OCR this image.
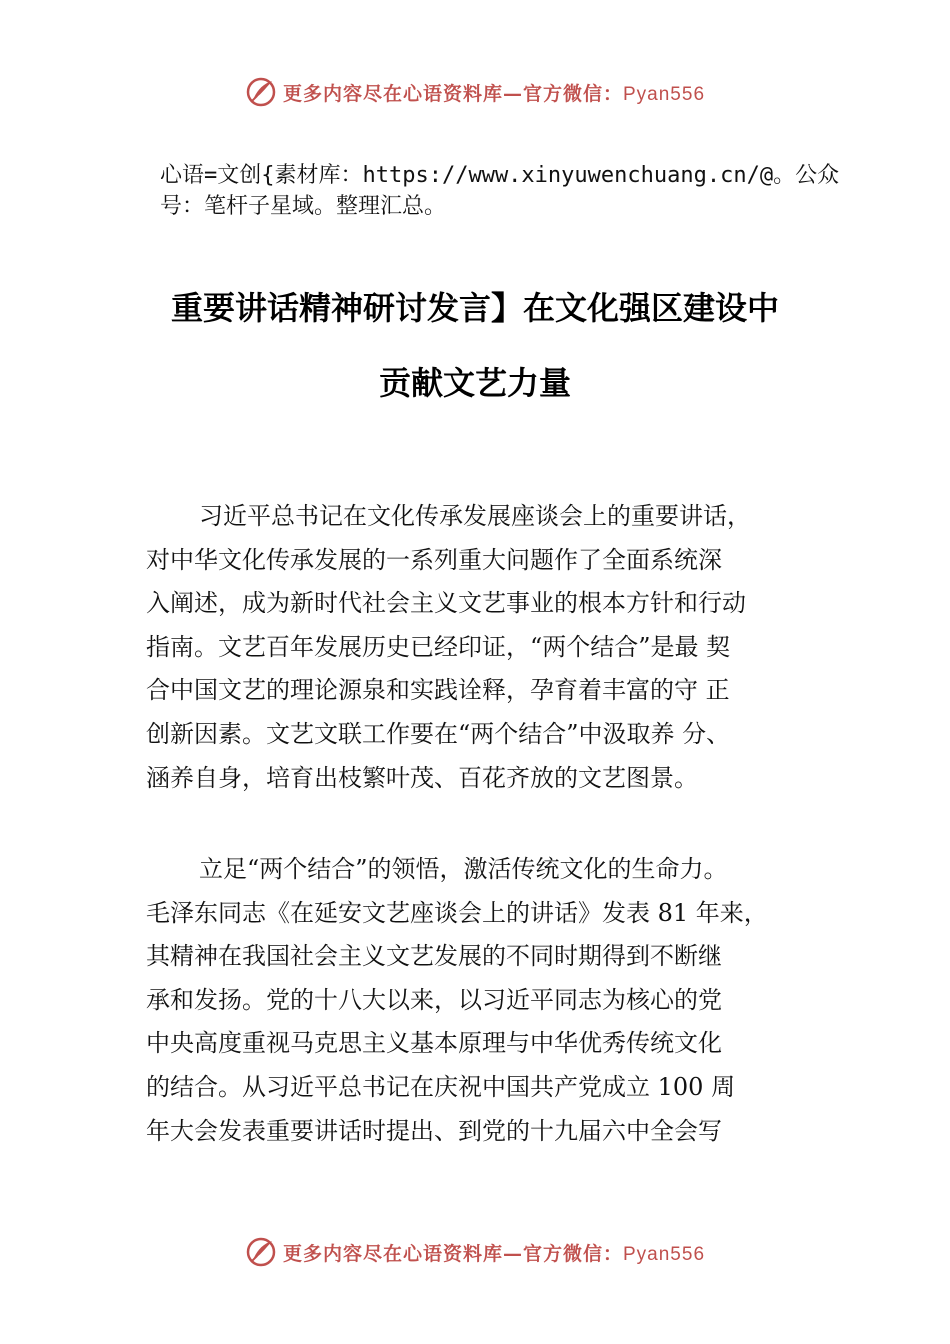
更多内容尽在心语资料库—官方微信：Pyan556
心语=文创{素材库：https://www.xinyuwenchuang.cn/@。公众号：笔杆子星域。整理汇总。
重要讲话精神研讨发言】在文化强区建设中
贡献文艺力量
习近平总书记在文化传承发展座谈会上的重要讲话，
对中华文化传承发展的一系列重大问题作了全面系统深
入阐述，成为新时代社会主义文艺事业的根本方针和行动
指南。文艺百年发展历史已经印证，“两个结合”是最 契
合中国文艺的理论源泉和实践诠释，孕育着丰富的守 正
创新因素。文艺文联工作要在“两个结合”中汲取养 分、
涵养自身，培育出枝繁叶茂、百花齐放的文艺图景。
立足“两个结合”的领悟，激活传统文化的生命力。
毛泽东同志《在延安文艺座谈会上的讲话》发表 81 年来，
其精神在我国社会主义文艺发展的不同时期得到不断继
承和发扬。党的十八大以来，以习近平同志为核心的党
中央高度重视马克思主义基本原理与中华优秀传统文化
的结合。从习近平总书记在庆祝中国共产党成立 100 周
年大会发表重要讲话时提出、到党的十九届六中全会写
更多内容尽在心语资料库—官方微信：Pyan556
